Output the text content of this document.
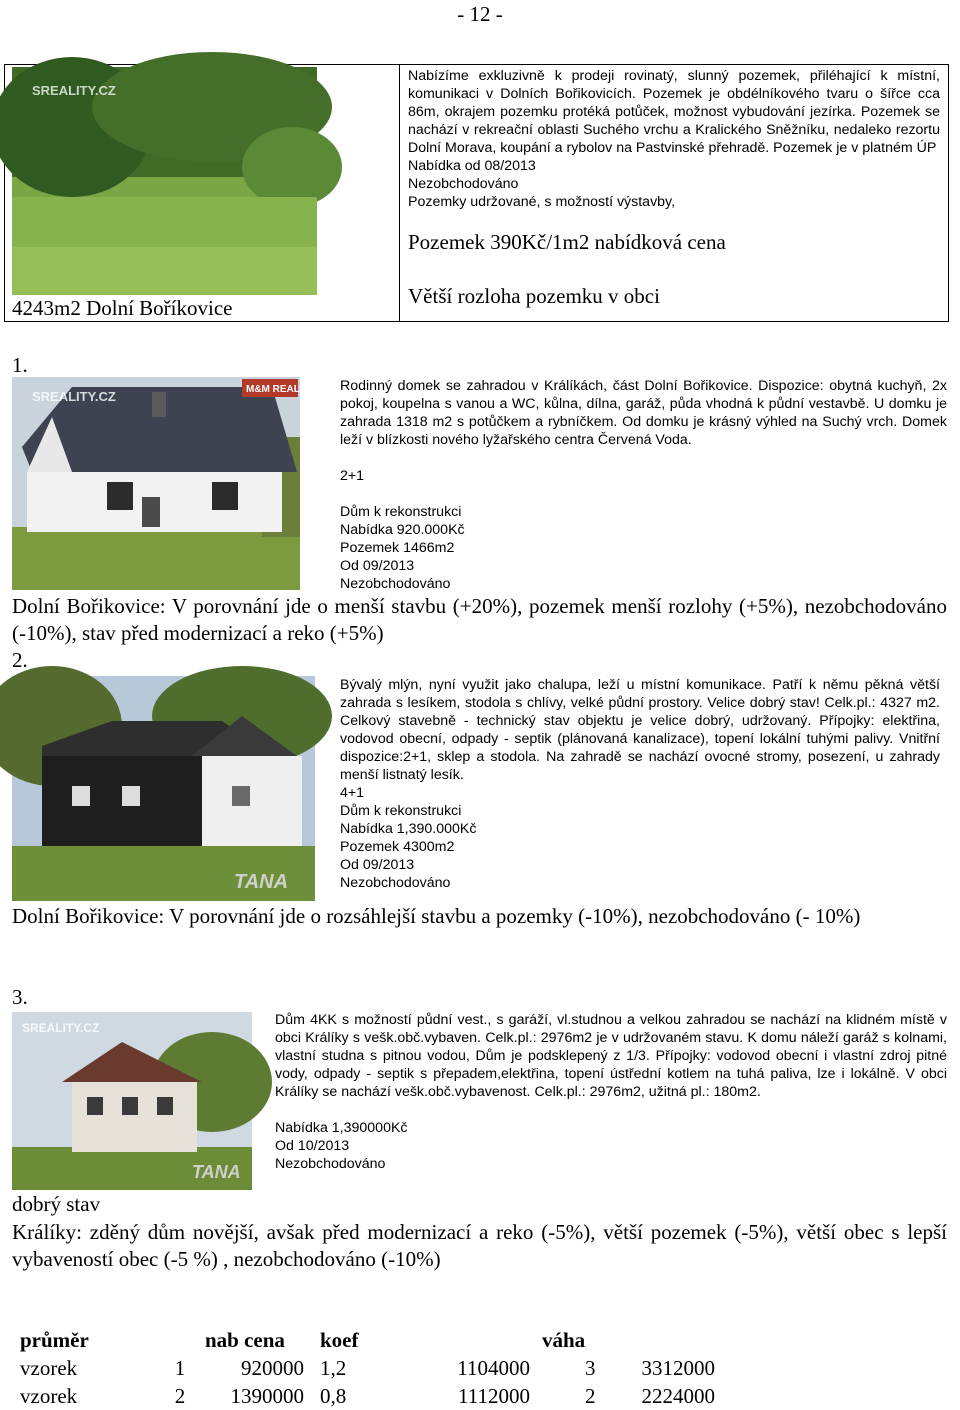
- 12 -
SREALITY.CZ
4243m2 Dolní Boříkovice

Nabízíme exkluzivně k prodeji rovinatý, slunný pozemek, přiléhající k místní, komunikaci v Dolních Bořikovicích. Pozemek je obdélníkového tvaru o šířce cca 86m, okrajem pozemku protéká potůček, možnost vybudování jezírka. Pozemek se nachází v rekreační oblasti Suchého vrchu a Kralického Sněžníku, nedaleko rezortu Dolní Morava, koupání a rybolov na Pastvinské přehradě. Pozemek je v platném ÚP

Nabídka od 08/2013

Nezobchodováno

Pozemky udržované, s možností výstavby,

Pozemek 390Kč/1m2 nabídková cena
Větší rozloha pozemku v obci
1.
M&M REALITY
SREALITY.CZ

Rodinný domek se zahradou v Králíkách, část Dolní Bořikovice. Dispozice: obytná kuchyň, 2x pokoj, koupelna s vanou a WC, kůlna, dílna, garáž, půda vhodná k půdní vestavbě. U domku je zahrada 1318 m2 s potůčkem a rybníčkem. Od domku je krásný výhled na Suchý vrch. Domek leží v blízkosti nového lyžařského centra Červená Voda.

2+1

Dům k rekonstrukci

Nabídka 920.000Kč

Pozemek 1466m2

Od 09/2013

Nezobchodováno

Dolní Bořikovice: V porovnání jde o menší stavbu (+20%), pozemek menší rozlohy (+5%), nezobchodováno (-10%), stav před modernizací a reko (+5%)
2.
TANA

Bývalý mlýn, nyní využit jako chalupa, leží u místní komunikace. Patří k němu pěkná větší zahrada s lesíkem, stodola s chlívy, velké půdní prostory. Velice dobrý stav! Celk.pl.: 4327 m2. Celkový stavebně - technický stav objektu je velice dobrý, udržovaný. Přípojky: elektřina, vodovod obecní, odpady - septik (plánovaná kanalizace), topení lokální tuhými palivy. Vnitřní dispozice:2+1, sklep a stodola. Na zahradě se nachází ovocné stromy, posezení, u zahrady menší listnatý lesík.

4+1

Dům k rekonstrukci

Nabídka 1,390.000Kč

Pozemek 4300m2

Od 09/2013

Nezobchodováno

Dolní Bořikovice: V porovnání jde o rozsáhlejší stavbu a pozemky (-10%), nezobchodováno (- 10%)
3.
SREALITY.CZ
TANA

Dům 4KK s možností půdní vest., s garáží, vl.studnou a velkou zahradou se nachází na klidném místě v obci Králíky s vešk.obč.vybaven. Celk.pl.: 2976m2 je v udržovaném stavu. K domu náleží garáž s kolnami, vlastní studna s pitnou vodou, Dům je podsklepený z 1/3. Přípojky: vodovod obecní i vlastní zdroj pitné vody, odpady - septik s přepadem,elektřina, topení ústřední kotlem na tuhá paliva, lze i lokálně. V obci Králíky se nachází vešk.obč.vybavenost. Celk.pl.: 2976m2, užitná pl.: 180m2.

Nabídka 1,390000Kč

Od 10/2013

Nezobchodováno

dobrý stav
Králíky: zděný dům novější, avšak před modernizací a reko (-5%), větší pozemek (-5%), větší obec s lepší vybaveností obec (-5 %) , nezobchodováno (-10%)
průměr	nab cena		koef	váha		
vzorek	1	920000	1,2	1104000	3	3312000
vzorek	2	1390000	0,8	1112000	2	2224000
